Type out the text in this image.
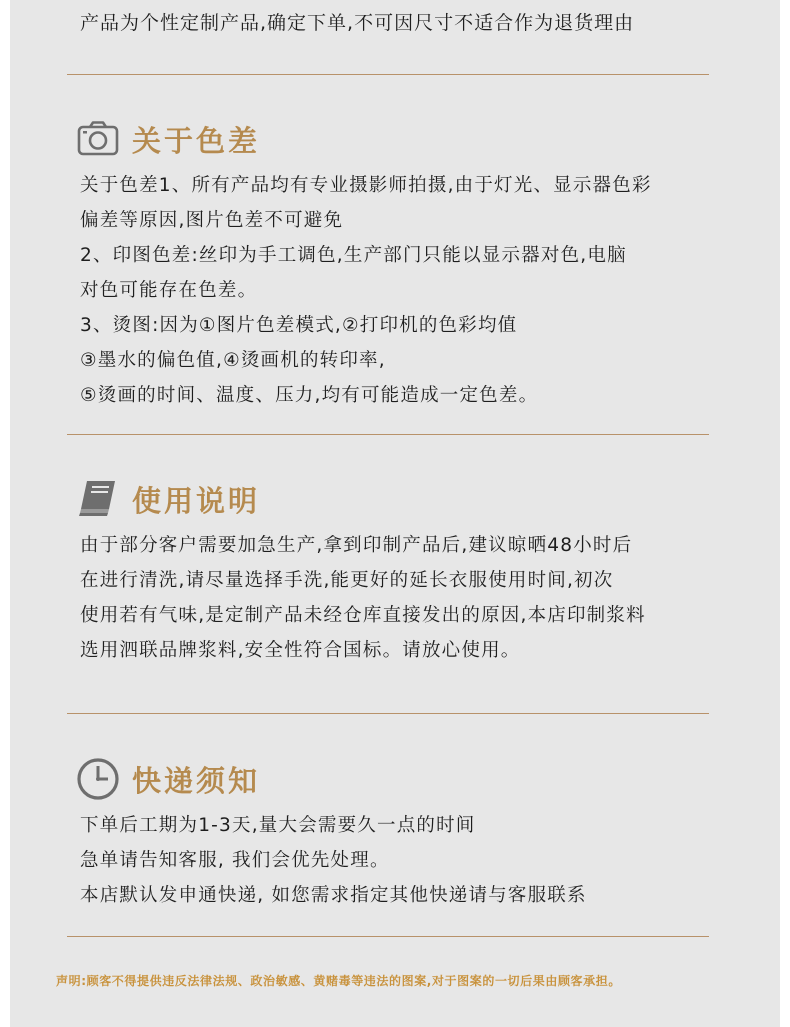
产品为个性定制产品,确定下单,不可因尺寸不适合作为退货理由
关于色差
关于色差1、所有产品均有专业摄影师拍摄,由于灯光、显示器色彩
偏差等原因,图片色差不可避免
2、印图色差:丝印为手工调色,生产部门只能以显示器对色,电脑
对色可能存在色差。
3、烫图:因为①图片色差模式,②打印机的色彩均值
③墨水的偏色值,④烫画机的转印率,
⑤烫画的时间、温度、压力,均有可能造成一定色差。
使用说明
由于部分客户需要加急生产,拿到印制产品后,建议晾晒48小时后
在进行清洗,请尽量选择手洗,能更好的延长衣服使用时间,初次
使用若有气味,是定制产品未经仓库直接发出的原因,本店印制浆料
选用泗联品牌浆料,安全性符合国标。请放心使用。
快递须知
下单后工期为1-3天,量大会需要久一点的时间
急单请告知客服, 我们会优先处理。
本店默认发申通快递, 如您需求指定其他快递请与客服联系
声明:顾客不得提供违反法律法规、政治敏感、黄赌毒等违法的图案,对于图案的一切后果由顾客承担。
